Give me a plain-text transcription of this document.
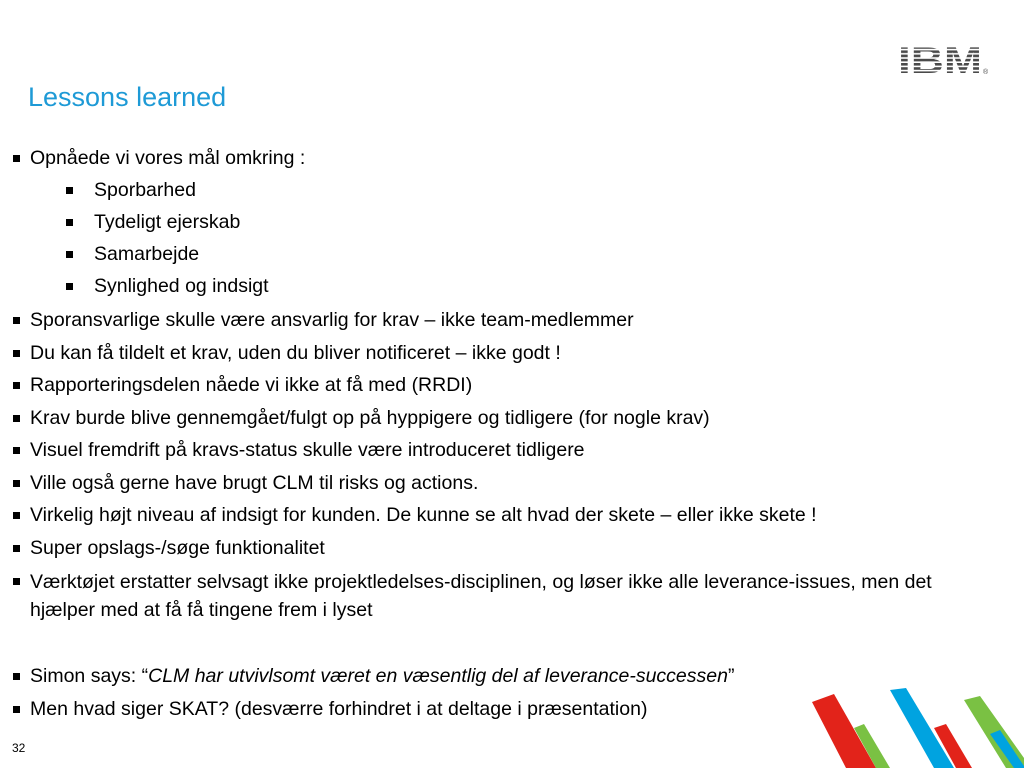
IBM ®
Lessons learned
Opnåede vi vores mål omkring :
Sporbarhed
Tydeligt ejerskab
Samarbejde
Synlighed og indsigt
Sporansvarlige skulle være ansvarlig for krav – ikke team-medlemmer
Du kan få tildelt et krav, uden du bliver notificeret – ikke godt !
Rapporteringsdelen nåede vi ikke at få med (RRDI)
Krav burde blive gennemgået/fulgt op på hyppigere og tidligere (for nogle krav)
Visuel fremdrift på kravs-status skulle være introduceret tidligere
Ville også gerne have brugt CLM til risks og actions.
Virkelig højt niveau af indsigt for kunden. De kunne se alt hvad der skete – eller ikke skete !
Super opslags-/søge funktionalitet
Værktøjet erstatter selvsagt ikke projektledelses-disciplinen, og løser ikke alle leverance-issues, men det hjælper med at få få tingene frem i lyset
Simon says: “CLM har utvivlsomt været en væsentlig del af leverance-successen”
Men hvad siger SKAT? (desværre forhindret i at deltage i præsentation)
32
